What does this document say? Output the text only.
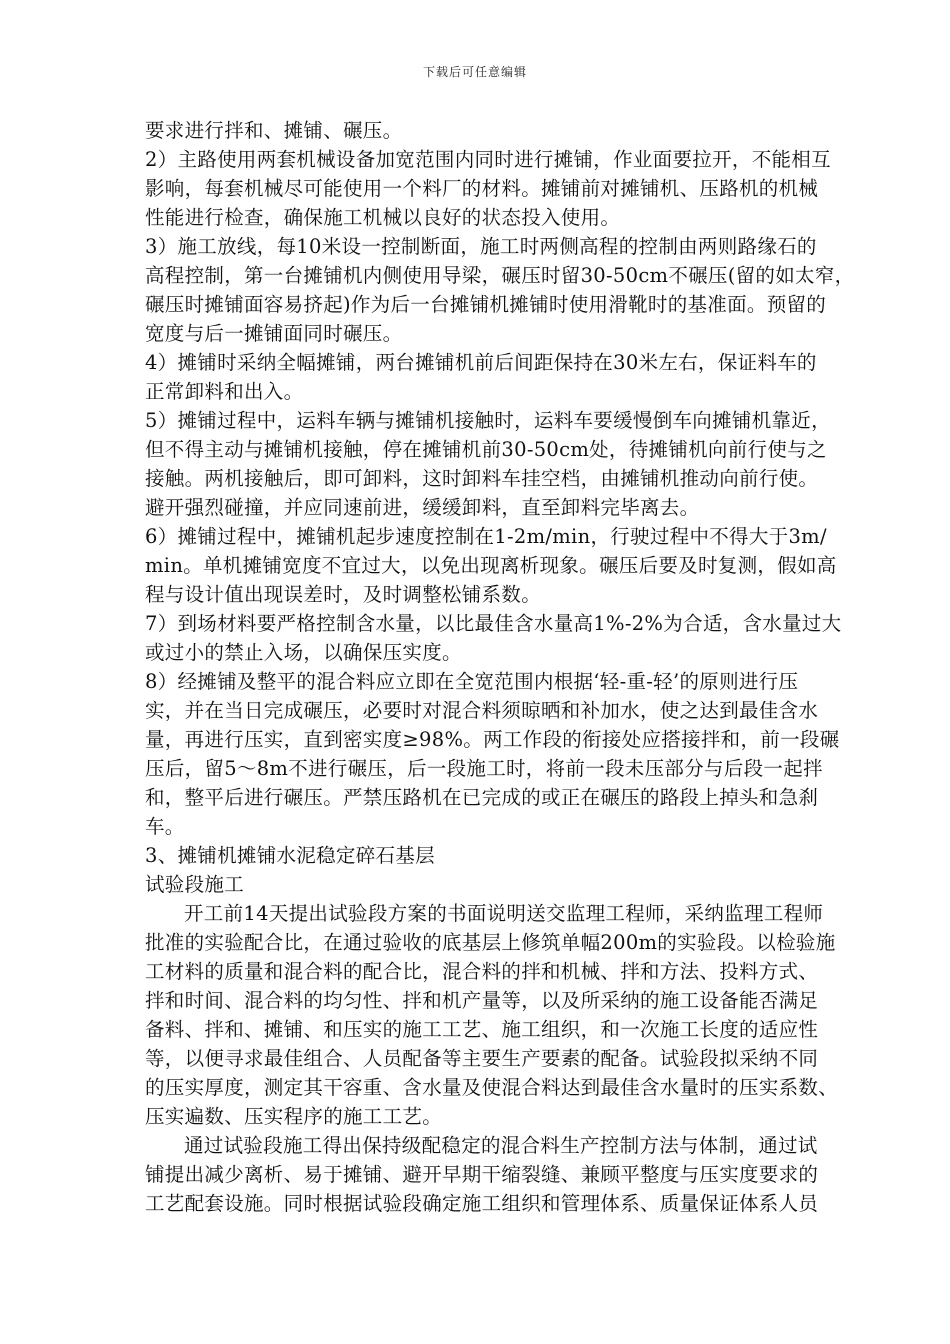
下载后可任意编辑
要求进行拌和、摊铺、碾压。
2）主路使用两套机械设备加宽范围内同时进行摊铺，作业面要拉开，不能相互
影响，每套机械尽可能使用一个料厂的材料。摊铺前对摊铺机、压路机的机械
性能进行检查，确保施工机械以良好的状态投入使用。
3）施工放线，每10米设一控制断面，施工时两侧高程的控制由两则路缘石的
高程控制，第一台摊铺机内侧使用导梁，碾压时留30-50cm不碾压(留的如太窄，
碾压时摊铺面容易挤起)作为后一台摊铺机摊铺时使用滑靴时的基准面。预留的
宽度与后一摊铺面同时碾压。
4）摊铺时采纳全幅摊铺，两台摊铺机前后间距保持在30米左右，保证料车的
正常卸料和出入。
5）摊铺过程中，运料车辆与摊铺机接触时，运料车要缓慢倒车向摊铺机靠近，
但不得主动与摊铺机接触，停在摊铺机前30-50cm处，待摊铺机向前行使与之
接触。两机接触后，即可卸料，这时卸料车挂空档，由摊铺机推动向前行使。
避开强烈碰撞，并应同速前进，缓缓卸料，直至卸料完毕离去。
6）摊铺过程中，摊铺机起步速度控制在1-2m/min，行驶过程中不得大于3m/
min。单机摊铺宽度不宜过大，以免出现离析现象。碾压后要及时复测，假如高
程与设计值出现误差时，及时调整松铺系数。
7）到场材料要严格控制含水量，以比最佳含水量高1%-2%为合适，含水量过大
或过小的禁止入场，以确保压实度。
8）经摊铺及整平的混合料应立即在全宽范围内根据‘轻-重-轻’的原则进行压
实，并在当日完成碾压，必要时对混合料须晾晒和补加水，使之达到最佳含水
量，再进行压实，直到密实度≥98%。两工作段的衔接处应搭接拌和，前一段碾
压后，留5～8m不进行碾压，后一段施工时，将前一段未压部分与后段一起拌
和，整平后进行碾压。严禁压路机在已完成的或正在碾压的路段上掉头和急刹
车。
3、摊铺机摊铺水泥稳定碎石基层
试验段施工
开工前14天提出试验段方案的书面说明送交监理工程师，采纳监理工程师
批准的实验配合比，在通过验收的底基层上修筑单幅200m的实验段。以检验施
工材料的质量和混合料的配合比，混合料的拌和机械、拌和方法、投料方式、
拌和时间、混合料的均匀性、拌和机产量等，以及所采纳的施工设备能否满足
备料、拌和、摊铺、和压实的施工工艺、施工组织，和一次施工长度的适应性
等，以便寻求最佳组合、人员配备等主要生产要素的配备。试验段拟采纳不同
的压实厚度，测定其干容重、含水量及使混合料达到最佳含水量时的压实系数、
压实遍数、压实程序的施工工艺。
通过试验段施工得出保持级配稳定的混合料生产控制方法与体制，通过试
铺提出减少离析、易于摊铺、避开早期干缩裂缝、兼顾平整度与压实度要求的
工艺配套设施。同时根据试验段确定施工组织和管理体系、质量保证体系人员
